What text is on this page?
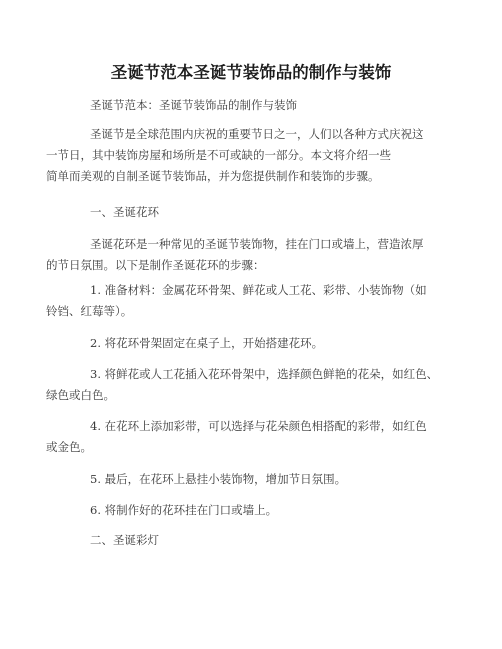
圣诞节范本圣诞节装饰品的制作与装饰
圣诞节范本：圣诞节装饰品的制作与装饰
圣诞节是全球范围内庆祝的重要节日之一，人们以各种方式庆祝这
一节日，其中装饰房屋和场所是不可或缺的一部分。本文将介绍一些
简单而美观的自制圣诞节装饰品，并为您提供制作和装饰的步骤。
一、圣诞花环
圣诞花环是一种常见的圣诞节装饰物，挂在门口或墙上，营造浓厚
的节日氛围。以下是制作圣诞花环的步骤：
1. 准备材料：金属花环骨架、鲜花或人工花、彩带、小装饰物（如
铃铛、红莓等）。
2. 将花环骨架固定在桌子上，开始搭建花环。
3. 将鲜花或人工花插入花环骨架中，选择颜色鲜艳的花朵，如红色、
绿色或白色。
4. 在花环上添加彩带，可以选择与花朵颜色相搭配的彩带，如红色
或金色。
5. 最后，在花环上悬挂小装饰物，增加节日氛围。
6. 将制作好的花环挂在门口或墙上。
二、圣诞彩灯
